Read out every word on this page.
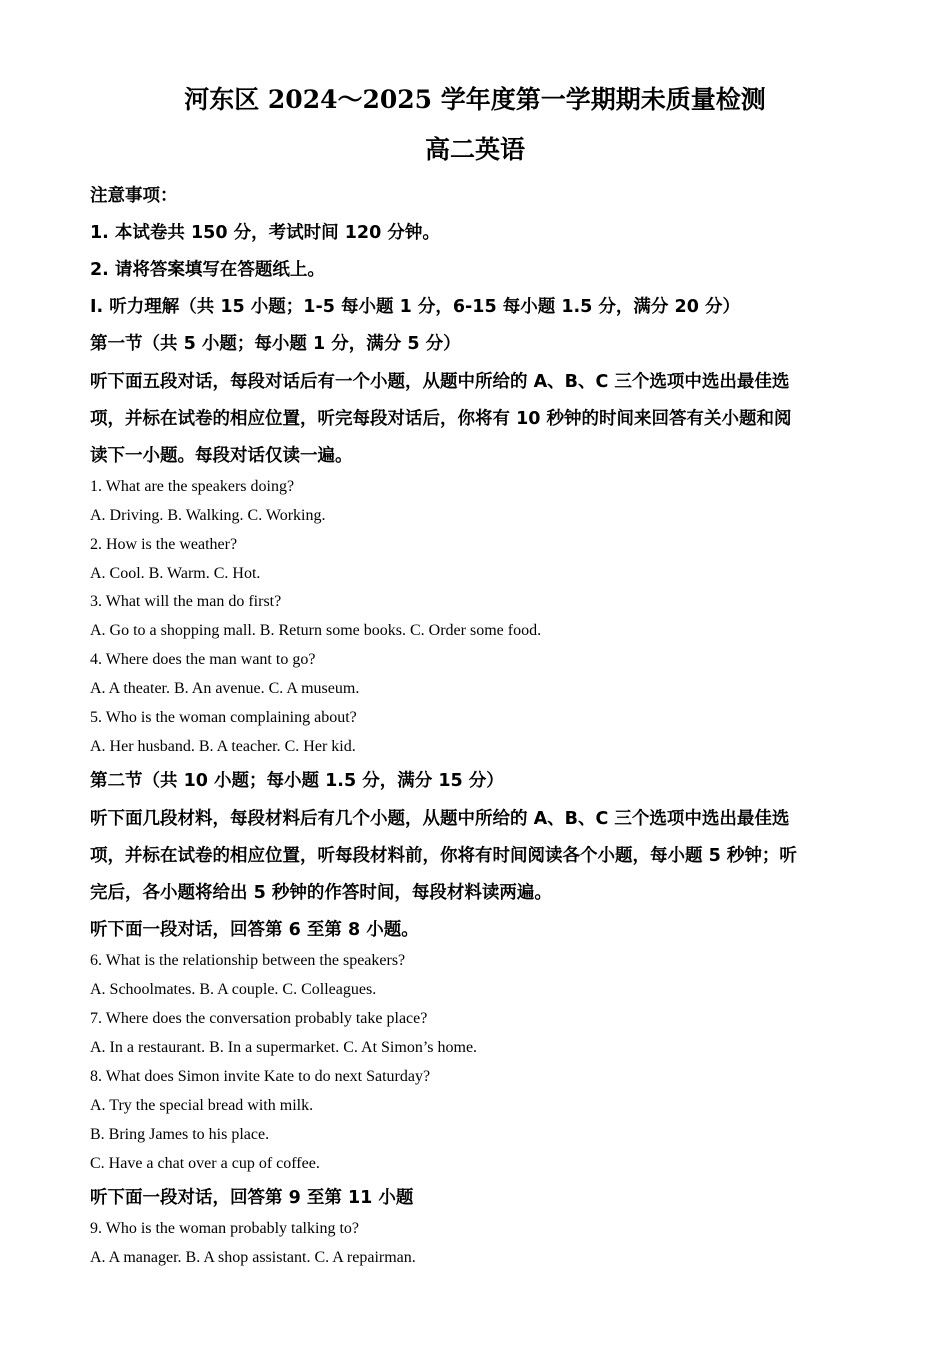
河东区 2024～2025 学年度第一学期期未质量检测
高二英语
注意事项：
1. 本试卷共 150 分，考试时间 120 分钟。
2. 请将答案填写在答题纸上。
Ⅰ. 听力理解（共 15 小题；1-5 每小题 1 分，6-15 每小题 1.5 分，满分 20 分）
第一节（共 5 小题；每小题 1 分，满分 5 分）
听下面五段对话，每段对话后有一个小题，从题中所给的 A、B、C 三个选项中选出最佳选
项，并标在试卷的相应位置，听完每段对话后，你将有 10 秒钟的时间来回答有关小题和阅
读下一小题。每段对话仅读一遍。
1. What are the speakers doing?
A. Driving. B. Walking. C. Working.
2. How is the weather?
A. Cool. B. Warm. C. Hot.
3. What will the man do first?
A. Go to a shopping mall. B. Return some books. C. Order some food.
4. Where does the man want to go?
A. A theater. B. An avenue. C. A museum.
5. Who is the woman complaining about?
A. Her husband. B. A teacher. C. Her kid.
第二节（共 10 小题；每小题 1.5 分，满分 15 分）
听下面几段材料，每段材料后有几个小题，从题中所给的 A、B、C 三个选项中选出最佳选
项，并标在试卷的相应位置，听每段材料前，你将有时间阅读各个小题，每小题 5 秒钟；听
完后，各小题将给出 5 秒钟的作答时间，每段材料读两遍。
听下面一段对话，回答第 6 至第 8 小题。
6. What is the relationship between the speakers?
A. Schoolmates. B. A couple. C. Colleagues.
7. Where does the conversation probably take place?
A. In a restaurant. B. In a supermarket. C. At Simon’s home.
8. What does Simon invite Kate to do next Saturday?
A. Try the special bread with milk.
B. Bring James to his place.
C. Have a chat over a cup of coffee.
听下面一段对话，回答第 9 至第 11 小题
9. Who is the woman probably talking to?
A. A manager. B. A shop assistant. C. A repairman.
